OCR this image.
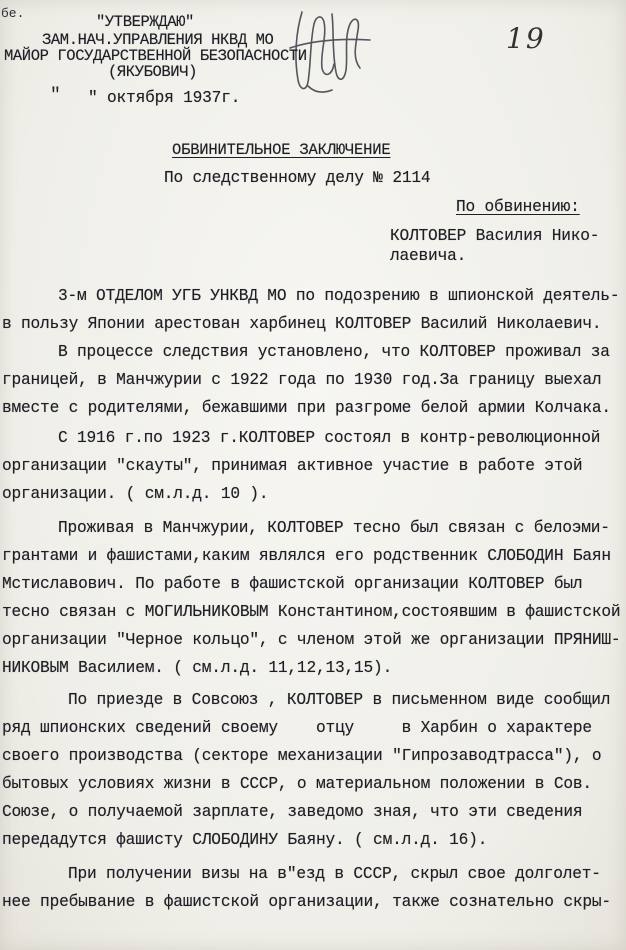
бе.
19
"УТВЕРЖДАЮ"
ЗАМ.НАЧ.УПРАВЛЕНИЯ НКВД МО
МАЙОР ГОСУДАРСТВЕННОЙ БЕЗОПАСНОСТИ
(ЯКУБОВИЧ)
" " октября 1937г.
ОБВИНИТЕЛЬНОЕ ЗАКЛЮЧЕНИЕ
По следственному делу № 2114
По обвинению:
КОЛТОВЕР Василия Нико-
лаевича.
3-м ОТДЕЛОМ УГБ УНКВД МО по подозрению в шпионской деятель-
в пользу Японии арестован харбинец КОЛТОВЕР Василий Николаевич.
В процессе следствия установлено, что КОЛТОВЕР проживал за
границей, в Манчжурии с 1922 года по 1930 год.За границу выехал
вместе с родителями, бежавшими при разгроме белой армии Колчака.
С 1916 г.по 1923 г.КОЛТОВЕР состоял в контр-революционной
организации "скауты", принимая активное участие в работе этой
организации. ( см.л.д. 10 ).
Проживая в Манчжурии, КОЛТОВЕР тесно был связан с белоэми-
грантами и фашистами,каким являлся его родственник СЛОБОДИН Баян
Мстиславович. По работе в фашистской организации КОЛТОВЕР был
тесно связан с МОГИЛЬНИКОВЫМ Константином,состоявшим в фашистской
организации "Черное кольцо", с членом этой же организации ПРЯНИШ-
НИКОВЫМ Василием. ( см.л.д. 11,12,13,15).
По приезде в Совсоюз , КОЛТОВЕР в письменном виде сообщил
ряд шпионских сведений своему    отцу     в Харбин о характере
своего производства (секторе механизации "Гипрозаводтрасса"), о
бытовых условиях жизни в СССР, о материальном положении в Сов.
Союзе, о получаемой зарплате, заведомо зная, что эти сведения
передадутся фашисту СЛОБОДИНУ Баяну. ( см.л.д. 16).
При получении визы на в"езд в СССР, скрыл свое долголет-
нее пребывание в фашистской организации, также сознательно скры-
